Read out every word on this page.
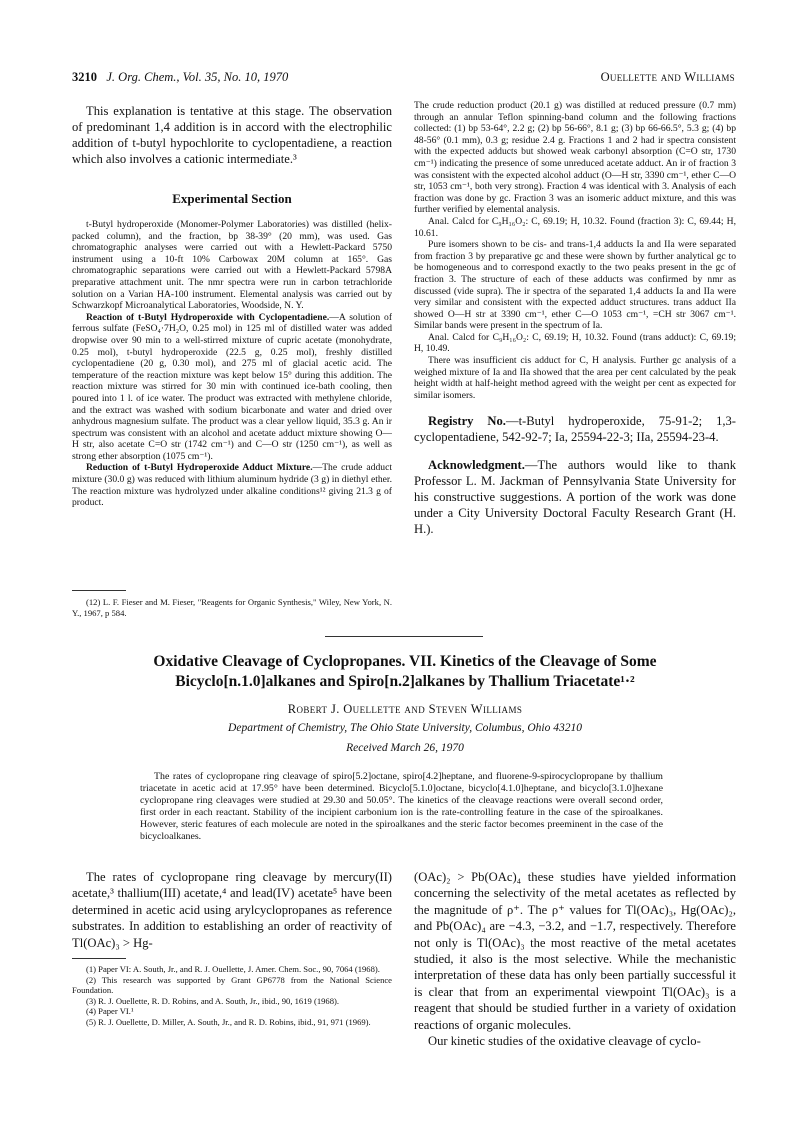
3210 J. Org. Chem., Vol. 35, No. 10, 1970	Ouellette and Williams

This explanation is tentative at this stage. The observation of predominant 1,4 addition is in accord with the electrophilic addition of t-butyl hypochlorite to cyclopentadiene, a reaction which also involves a cationic intermediate.³

Experimental Section

t-Butyl hydroperoxide (Monomer-Polymer Laboratories) was distilled (helix-packed column), and the fraction, bp 38-39° (20 mm), was used. Gas chromatographic analyses were carried out with a Hewlett-Packard 5750 instrument using a 10-ft 10% Carbowax 20M column at 165°. Gas chromatographic separations were carried out with a Hewlett-Packard 5798A preparative attachment unit. The nmr spectra were run in carbon tetrachloride solution on a Varian HA-100 instrument. Elemental analysis was carried out by Schwarzkopf Microanalytical Laboratories, Woodside, N. Y.

Reaction of t-Butyl Hydroperoxide with Cyclopentadiene.—A solution of ferrous sulfate (FeSO₄·7H₂O, 0.25 mol) in 125 ml of distilled water was added dropwise over 90 min to a well-stirred mixture of cupric acetate (monohydrate, 0.25 mol), t-butyl hydroperoxide (22.5 g, 0.25 mol), freshly distilled cyclopentadiene (20 g, 0.30 mol), and 275 ml of glacial acetic acid. The temperature of the reaction mixture was kept below 15° during this addition. The reaction mixture was stirred for 30 min with continued ice-bath cooling, then poured into 1 l. of ice water. The product was extracted with methylene chloride, and the extract was washed with sodium bicarbonate and water and dried over anhydrous magnesium sulfate. The product was a clear yellow liquid, 35.3 g. An ir spectrum was consistent with an alcohol and acetate adduct mixture showing O—H str, also acetate C=O str (1742 cm⁻¹) and C—O str (1250 cm⁻¹), as well as strong ether absorption (1075 cm⁻¹).

Reduction of t-Butyl Hydroperoxide Adduct Mixture.—The crude adduct mixture (30.0 g) was reduced with lithium aluminum hydride (3 g) in diethyl ether. The reaction mixture was hydrolyzed under alkaline conditions¹² giving 21.3 g of product.

(12) L. F. Fieser and M. Fieser, "Reagents for Organic Synthesis," Wiley, New York, N. Y., 1967, p 584.

The crude reduction product (20.1 g) was distilled at reduced pressure (0.7 mm) through an annular Teflon spinning-band column and the following fractions collected: (1) bp 53-64°, 2.2 g; (2) bp 56-66°, 8.1 g; (3) bp 66-66.5°, 5.3 g; (4) bp 48-56° (0.1 mm), 0.3 g; residue 2.4 g. Fractions 1 and 2 had ir spectra consistent with the expected adducts but showed weak carbonyl absorption (C=O str, 1730 cm⁻¹) indicating the presence of some unreduced acetate adduct. An ir of fraction 3 was consistent with the expected alcohol adduct (O—H str, 3390 cm⁻¹, ether C—O str, 1053 cm⁻¹, both very strong). Fraction 4 was identical with 3. Analysis of each fraction was done by gc. Fraction 3 was an isomeric adduct mixture, and this was further verified by elemental analysis.

Anal. Calcd for C₉H₁₆O₂: C, 69.19; H, 10.32. Found (fraction 3): C, 69.44; H, 10.61.

Pure isomers shown to be cis- and trans-1,4 adducts Ia and IIa were separated from fraction 3 by preparative gc and these were shown by further analytical gc to be homogeneous and to correspond exactly to the two peaks present in the gc of fraction 3. The structure of each of these adducts was confirmed by nmr as discussed (vide supra). The ir spectra of the separated 1,4 adducts Ia and IIa were very similar and consistent with the expected adduct structures. trans adduct IIa showed O—H str at 3390 cm⁻¹, ether C—O 1053 cm⁻¹, =CH str 3067 cm⁻¹. Similar bands were present in the spectrum of Ia.

Anal. Calcd for C₉H₁₆O₂: C, 69.19; H, 10.32. Found (trans adduct): C, 69.19; H, 10.49.

There was insufficient cis adduct for C, H analysis. Further gc analysis of a weighed mixture of Ia and IIa showed that the area per cent calculated by the peak height width at half-height method agreed with the weight per cent as expected for similar isomers.

Registry No.—t-Butyl hydroperoxide, 75-91-2; 1,3-cyclopentadiene, 542-92-7; Ia, 25594-22-3; IIa, 25594-23-4.

Acknowledgment.—The authors would like to thank Professor L. M. Jackman of Pennsylvania State University for his constructive suggestions. A portion of the work was done under a City University Doctoral Faculty Research Grant (H. H.).

Oxidative Cleavage of Cyclopropanes. VII. Kinetics of the Cleavage of Some
Bicyclo[n.1.0]alkanes and Spiro[n.2]alkanes by Thallium Triacetate¹·²
Robert J. Ouellette and Steven Williams
Department of Chemistry, The Ohio State University, Columbus, Ohio 43210
Received March 26, 1970
The rates of cyclopropane ring cleavage of spiro[5.2]octane, spiro[4.2]heptane, and fluorene-9-spirocyclopropane by thallium triacetate in acetic acid at 17.95° have been determined. Bicyclo[5.1.0]octane, bicyclo[4.1.0]heptane, and bicyclo[3.1.0]hexane cyclopropane ring cleavages were studied at 29.30 and 50.05°. The kinetics of the cleavage reactions were overall second order, first order in each reactant. Stability of the incipient carbonium ion is the rate-controlling feature in the case of the spiroalkanes. However, steric features of each molecule are noted in the spiroalkanes and the steric factor becomes preeminent in the case of the bicycloalkanes.

The rates of cyclopropane ring cleavage by mercury(II) acetate,³ thallium(III) acetate,⁴ and lead(IV) acetate⁵ have been determined in acetic acid using arylcyclopropanes as reference substrates. In addition to establishing an order of reactivity of Tl(OAc)₃ > Hg-

(1) Paper VI: A. South, Jr., and R. J. Ouellette, J. Amer. Chem. Soc., 90, 7064 (1968).

(2) This research was supported by Grant GP6778 from the National Science Foundation.

(3) R. J. Ouellette, R. D. Robins, and A. South, Jr., ibid., 90, 1619 (1968).

(4) Paper VI.¹

(5) R. J. Ouellette, D. Miller, A. South, Jr., and R. D. Robins, ibid., 91, 971 (1969).

(OAc)₂ > Pb(OAc)₄ these studies have yielded information concerning the selectivity of the metal acetates as reflected by the magnitude of ρ⁺. The ρ⁺ values for Tl(OAc)₃, Hg(OAc)₂, and Pb(OAc)₄ are −4.3, −3.2, and −1.7, respectively. Therefore not only is Tl(OAc)₃ the most reactive of the metal acetates studied, it also is the most selective. While the mechanistic interpretation of these data has only been partially successful it is clear that from an experimental viewpoint Tl(OAc)₃ is a reagent that should be studied further in a variety of oxidation reactions of organic molecules.

Our kinetic studies of the oxidative cleavage of cyclo-
